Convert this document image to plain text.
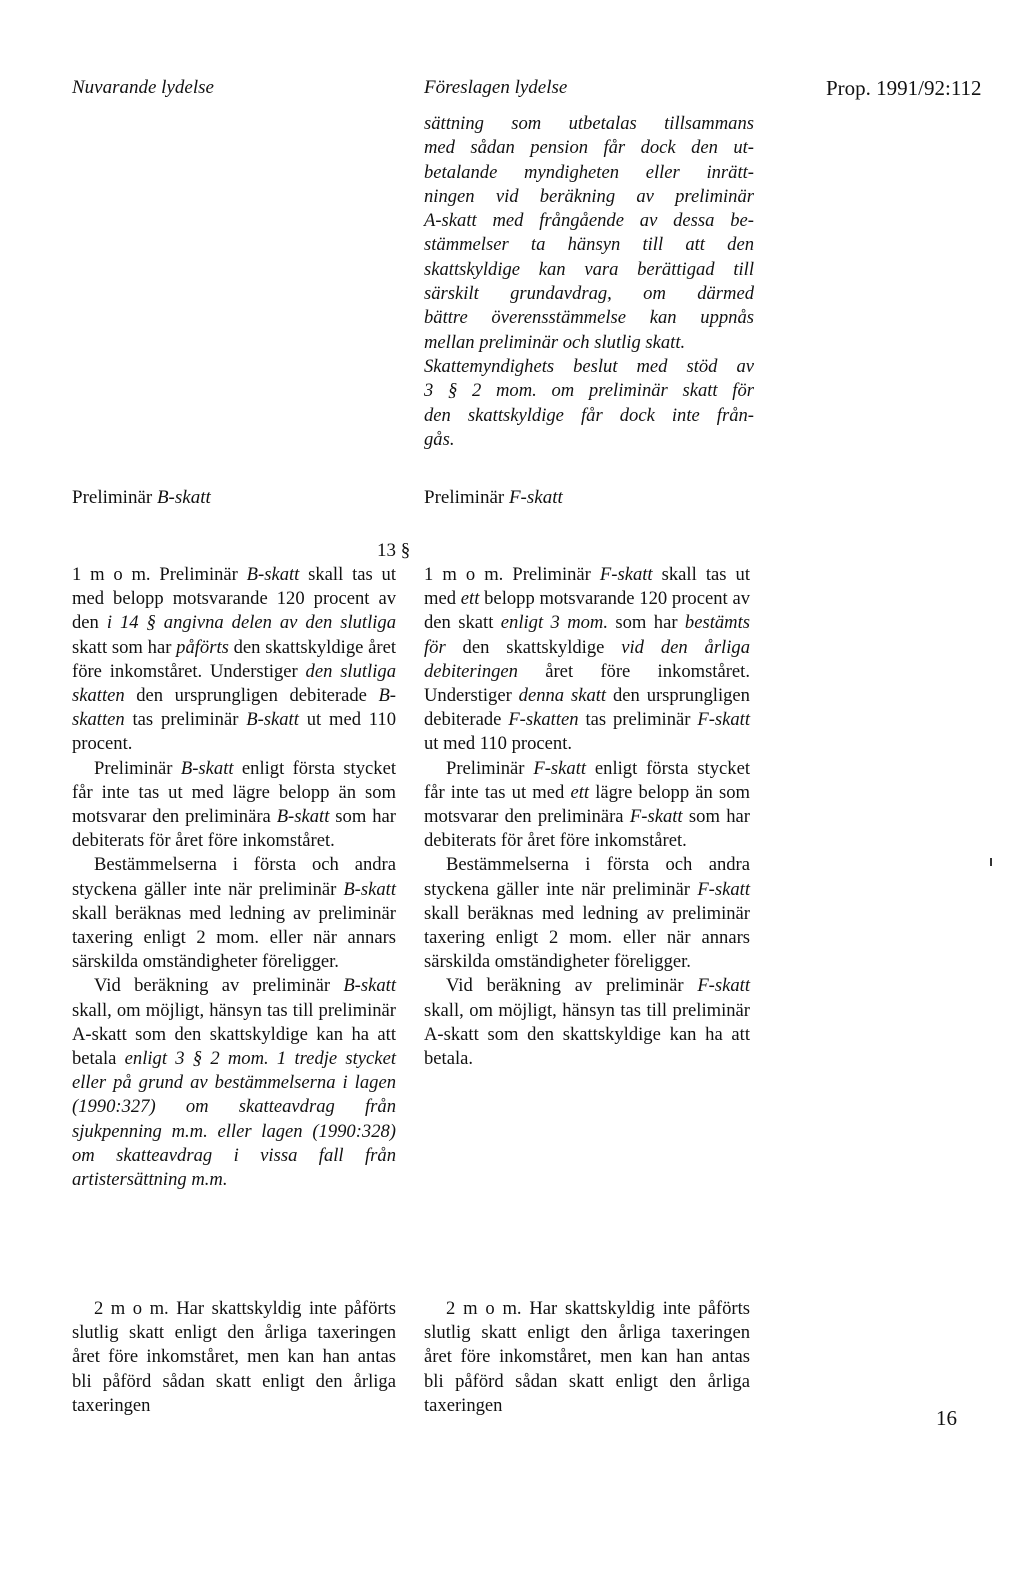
Nuvarande lydelse	Föreslagen lydelse	Prop. 1991/92:112
sättning som utbetalas tillsammans
med sådan pension får dock den ut-
betalande myndigheten eller inrätt-
ningen vid beräkning av preliminär
A-skatt med frångående av dessa be-
stämmelser ta hänsyn till att den
skattskyldige kan vara berättigad till
särskilt grundavdrag, om därmed
bättre överensstämmelse kan uppnås
mellan preliminär och slutlig skatt.
Skattemyndighets beslut med stöd av
3 § 2 mom. om preliminär skatt för
den skattskyldige får dock inte från-
gås.
Preliminär B-skatt	Preliminär F-skatt
13 §

1 m o m. Preliminär B-skatt skall tas ut med belopp motsvarande 120 procent av den i 14 § angivna delen av den slutliga skatt som har påförts den skattskyldige året före inkomståret. Understiger den slutliga skatten den ursprungligen debiterade B-skatten tas preliminär B-skatt ut med 110 procent.

Preliminär B-skatt enligt första stycket får inte tas ut med lägre belopp än som motsvarar den preliminära B-skatt som har debiterats för året före inkomståret.

Bestämmelserna i första och andra styckena gäller inte när preliminär B-skatt skall beräknas med ledning av preliminär taxering enligt 2 mom. eller när annars särskilda omständigheter föreligger.

Vid beräkning av preliminär B-skatt skall, om möjligt, hänsyn tas till preliminär A-skatt som den skattskyldige kan ha att betala enligt 3 § 2 mom. 1 tredje stycket eller på grund av bestämmelserna i lagen (1990:327) om skatteavdrag från sjukpenning m.m. eller lagen (1990:328) om skatteavdrag i vissa fall från artistersättning m.m.

1 m o m. Preliminär F-skatt skall tas ut med ett belopp motsvarande 120 procent av den skatt enligt 3 mom. som har bestämts för den skattskyldige vid den årliga debiteringen året före inkomståret. Understiger denna skatt den ursprungligen debiterade F-skatten tas preliminär F-skatt ut med 110 procent.

Preliminär F-skatt enligt första stycket får inte tas ut med ett lägre belopp än som motsvarar den preliminära F-skatt som har debiterats för året före inkomståret.

Bestämmelserna i första och andra styckena gäller inte när preliminär F-skatt skall beräknas med ledning av preliminär taxering enligt 2 mom. eller när annars särskilda omständigheter föreligger.

Vid beräkning av preliminär F-skatt skall, om möjligt, hänsyn tas till preliminär A-skatt som den skattskyldige kan ha att betala.

2 m o m. Har skattskyldig inte påförts slutlig skatt enligt den årliga taxeringen året före inkomståret, men kan han antas bli påförd sådan skatt enligt den årliga taxeringen

2 m o m. Har skattskyldig inte påförts slutlig skatt enligt den årliga taxeringen året före inkomståret, men kan han antas bli påförd sådan skatt enligt den årliga taxeringen

16
